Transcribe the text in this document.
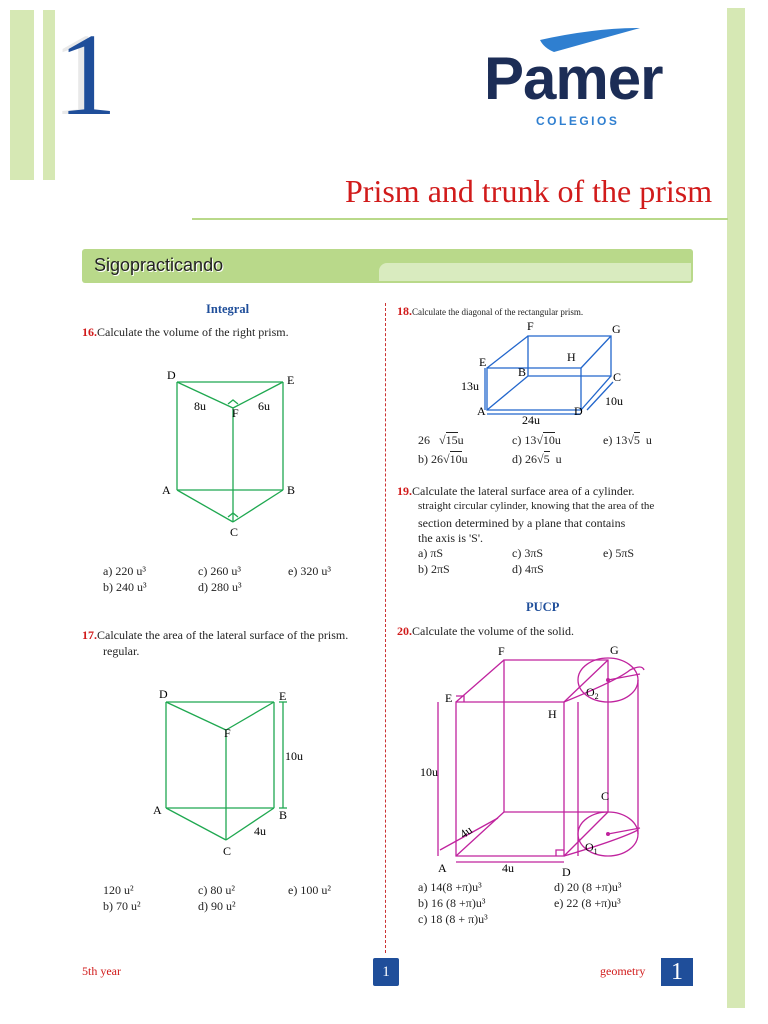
1	Pamer
COLEGIOS
Prism and trunk of the prism
Sigopracticando
Integral
16.Calculate the volume of the right prism.
D	E
F
8u	6u
A	B
C
a) 220 u³
b) 240 u³
c) 260 u³
d) 280 u³
e) 320 u³
17.Calculate the area of the lateral surface of the prism.
regular.
D	E
F
10u
A	B
4u
C
120 u²
b) 70 u²
c) 80 u²
d) 90 u²
e) 100 u²
18.Calculate the diagonal of the rectangular prism.
F	G
E	H
B	C
13u
A	D
10u
24u
26   √15u
b) 26√10u
c) 13√10u
d) 26√5 u
e) 13√5 u
19.Calculate the lateral surface area of a cylinder.
straight circular cylinder, knowing that the area of the
section determined by a plane that contains
the axis is 'S'.
a) πS
b) 2πS
c) 3πS
d) 4πS
e) 5πS
PUCP
20.Calculate the volume of the solid.
F	G
E
H
$O_2$
C
$O_1$
10u
4u
A	4u	D
a) 14(8 +π)u³
b) 16 (8 +π)u³
c) 18 (8 + π)u³
d) 20 (8 +π)u³
e) 22 (8 +π)u³
5th year	1	geometry	1
